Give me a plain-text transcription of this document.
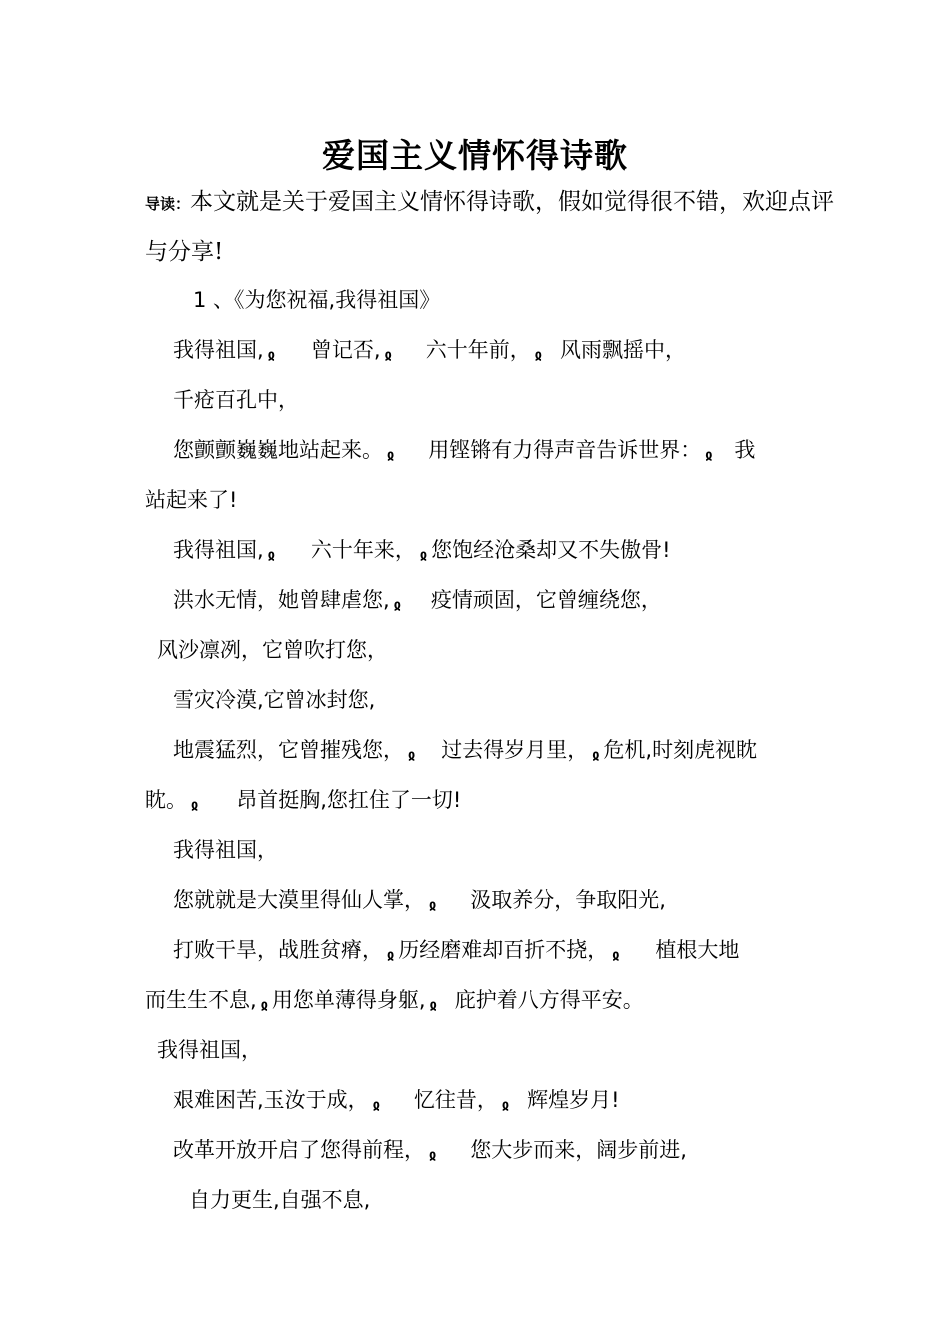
爱国主义情怀得诗歌
导读：本文就是关于爱国主义情怀得诗歌，假如觉得很不错，欢迎点评与分享!
1 、《为您祝福,我得祖国》
我得祖国, ჲ 曾记否, ჲ 六十年前， ჲ 风雨飘摇中，
千疮百孔中，
您颤颤巍巍地站起来。 ჲ 用铿锵有力得声音告诉世界： ჲ 我
站起来了!
我得祖国, ჲ 六十年来， ჲ 您饱经沧桑却又不失傲骨!
洪水无情，她曾肆虐您, ჲ 疫情顽固，它曾缠绕您，
风沙凛冽，它曾吹打您，
雪灾冷漠,它曾冰封您,
地震猛烈，它曾摧残您， ჲ 过去得岁月里， ჲ 危机,时刻虎视眈
眈。 ჲ 昂首挺胸,您扛住了一切!
我得祖国，
您就就是大漠里得仙人掌， ჲ 汲取养分，争取阳光,
打败干旱，战胜贫瘠， ჲ 历经磨难却百折不挠， ჲ 植根大地
而生生不息, ჲ 用您单薄得身躯, ჲ 庇护着八方得平安。
我得祖国，
艰难困苦,玉汝于成， ჲ 忆往昔， ჲ 辉煌岁月!
改革开放开启了您得前程， ჲ 您大步而来，阔步前进,
自力更生,自强不息,
